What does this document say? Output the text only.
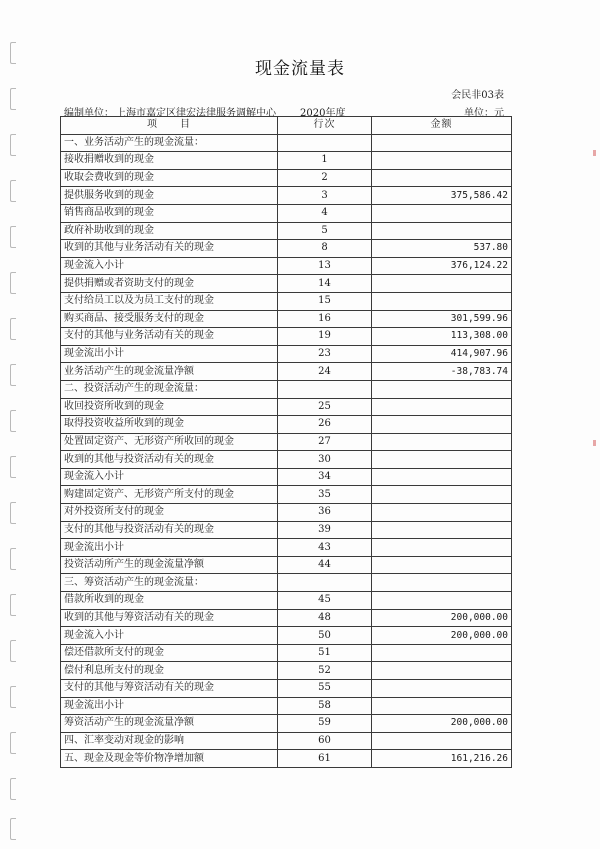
现金流量表
会民非03表
编制单位： 上海市嘉定区律宏法律服务调解中心 2020年度	单位：元
项　　目	行次	金额
一、业务活动产生的现金流量：		
接收捐赠收到的现金	1	
收取会费收到的现金	2	
提供服务收到的现金	3	375,586.42
销售商品收到的现金	4	
政府补助收到的现金	5	
收到的其他与业务活动有关的现金	8	537.80
现金流入小计	13	376,124.22
提供捐赠或者资助支付的现金	14	
支付给员工以及为员工支付的现金	15	
购买商品、接受服务支付的现金	16	301,599.96
支付的其他与业务活动有关的现金	19	113,308.00
现金流出小计	23	414,907.96
业务活动产生的现金流量净额	24	-38,783.74
二、投资活动产生的现金流量：		
收回投资所收到的现金	25	
取得投资收益所收到的现金	26	
处置固定资产、无形资产所收回的现金	27	
收到的其他与投资活动有关的现金	30	
现金流入小计	34	
购建固定资产、无形资产所支付的现金	35	
对外投资所支付的现金	36	
支付的其他与投资活动有关的现金	39	
现金流出小计	43	
投资活动所产生的现金流量净额	44	
三、筹资活动产生的现金流量：		
借款所收到的现金	45	
收到的其他与筹资活动有关的现金	48	200,000.00
现金流入小计	50	200,000.00
偿还借款所支付的现金	51	
偿付利息所支付的现金	52	
支付的其他与筹资活动有关的现金	55	
现金流出小计	58	
筹资活动产生的现金流量净额	59	200,000.00
四、汇率变动对现金的影响	60	
五、现金及现金等价物净增加额	61	161,216.26
